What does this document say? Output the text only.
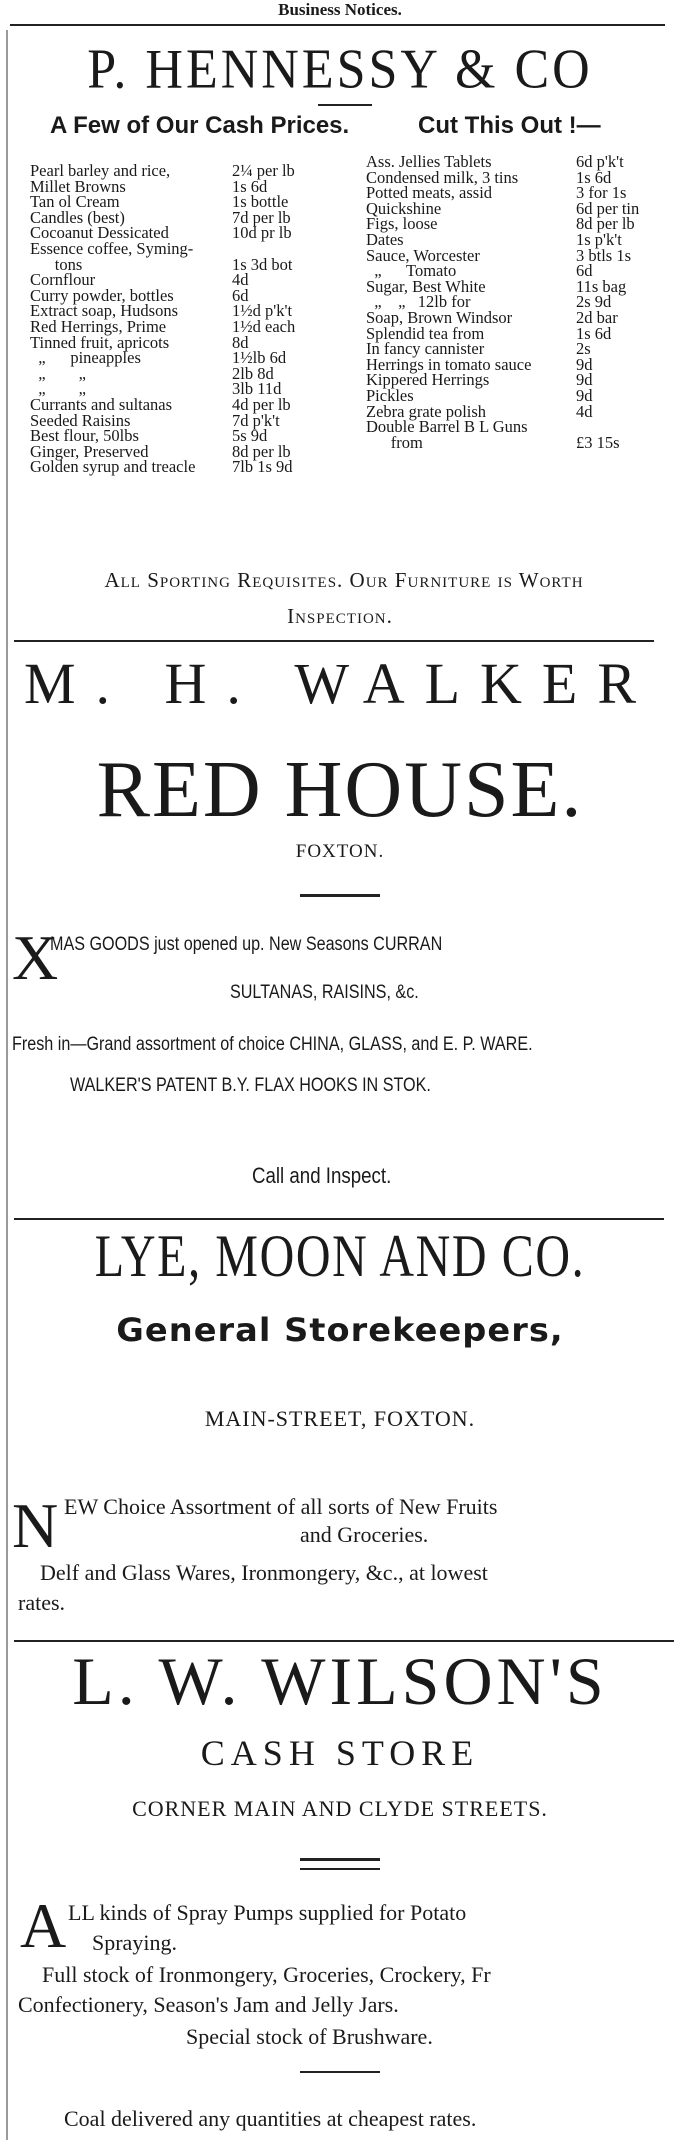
Business Notices.
P. HENNESSY & CO
A Few of Our Cash Prices.	Cut This Out !—
Pearl barley and rice,	2¼ per lb
Millet Browns	1s 6d
Tan ol Cream	1s bottle
Candles (best)	7d per lb
Cocoanut Dessicated	10d pr lb
Essence coffee, Syming-
tons	1s 3d bot
Cornflour	4d
Curry powder, bottles	6d
Extract soap, Hudsons	1½d p'k't
Red Herrings, Prime	1½d each
Tinned fruit, apricots	8d
„      pineapples	1½lb 6d
„        „	2lb 8d
„        „	3lb 11d
Currants and sultanas	4d per lb
Seeded Raisins	7d p'k't
Best flour, 50lbs	5s 9d
Ginger, Preserved	8d per lb
Golden syrup and treacle 7lb 1s 9d
Ass. Jellies Tablets	6d p'k't
Condensed milk, 3 tins	1s 6d
Potted meats, assid	3 for 1s
Quickshine	6d per tin
Figs, loose	8d per lb
Dates	1s p'k't
Sauce, Worcester	3 btls 1s
„      Tomato	6d
Sugar, Best White	11s bag
„    „   12lb for	2s 9d
Soap, Brown Windsor	2d bar
Splendid tea from	1s 6d
In fancy cannister	2s
Herrings in tomato sauce	9d
Kippered Herrings	9d
Pickles	9d
Zebra grate polish	4d
Double Barrel B L Guns
from	£3 15s
All Sporting Requisites. Our Furniture is Worth
Inspection.
M. H. WALKER
RED HOUSE.
FOXTON.
X
MAS GOODS just opened up. New Seasons CURRAN
SULTANAS, RAISINS, &c.
Fresh in—Grand assortment of choice CHINA, GLASS, and E. P. WARE.
WALKER'S PATENT B.Y. FLAX HOOKS IN STOK.
Call and Inspect.
LYE, MOON AND CO.
General Storekeepers,
MAIN-STREET, FOXTON.
N EW Choice Assortment of all sorts of New Fruits
and Groceries.
Delf and Glass Wares, Ironmongery, &c., at lowest
rates.
L. W. WILSON'S
CASH STORE
CORNER MAIN AND CLYDE STREETS.
A LL kinds of Spray Pumps supplied for Potato
Spraying.
Full stock of Ironmongery, Groceries, Crockery, Fr
Confectionery, Season's Jam and Jelly Jars.
Special stock of Brushware.
Coal delivered any quantities at cheapest rates.
